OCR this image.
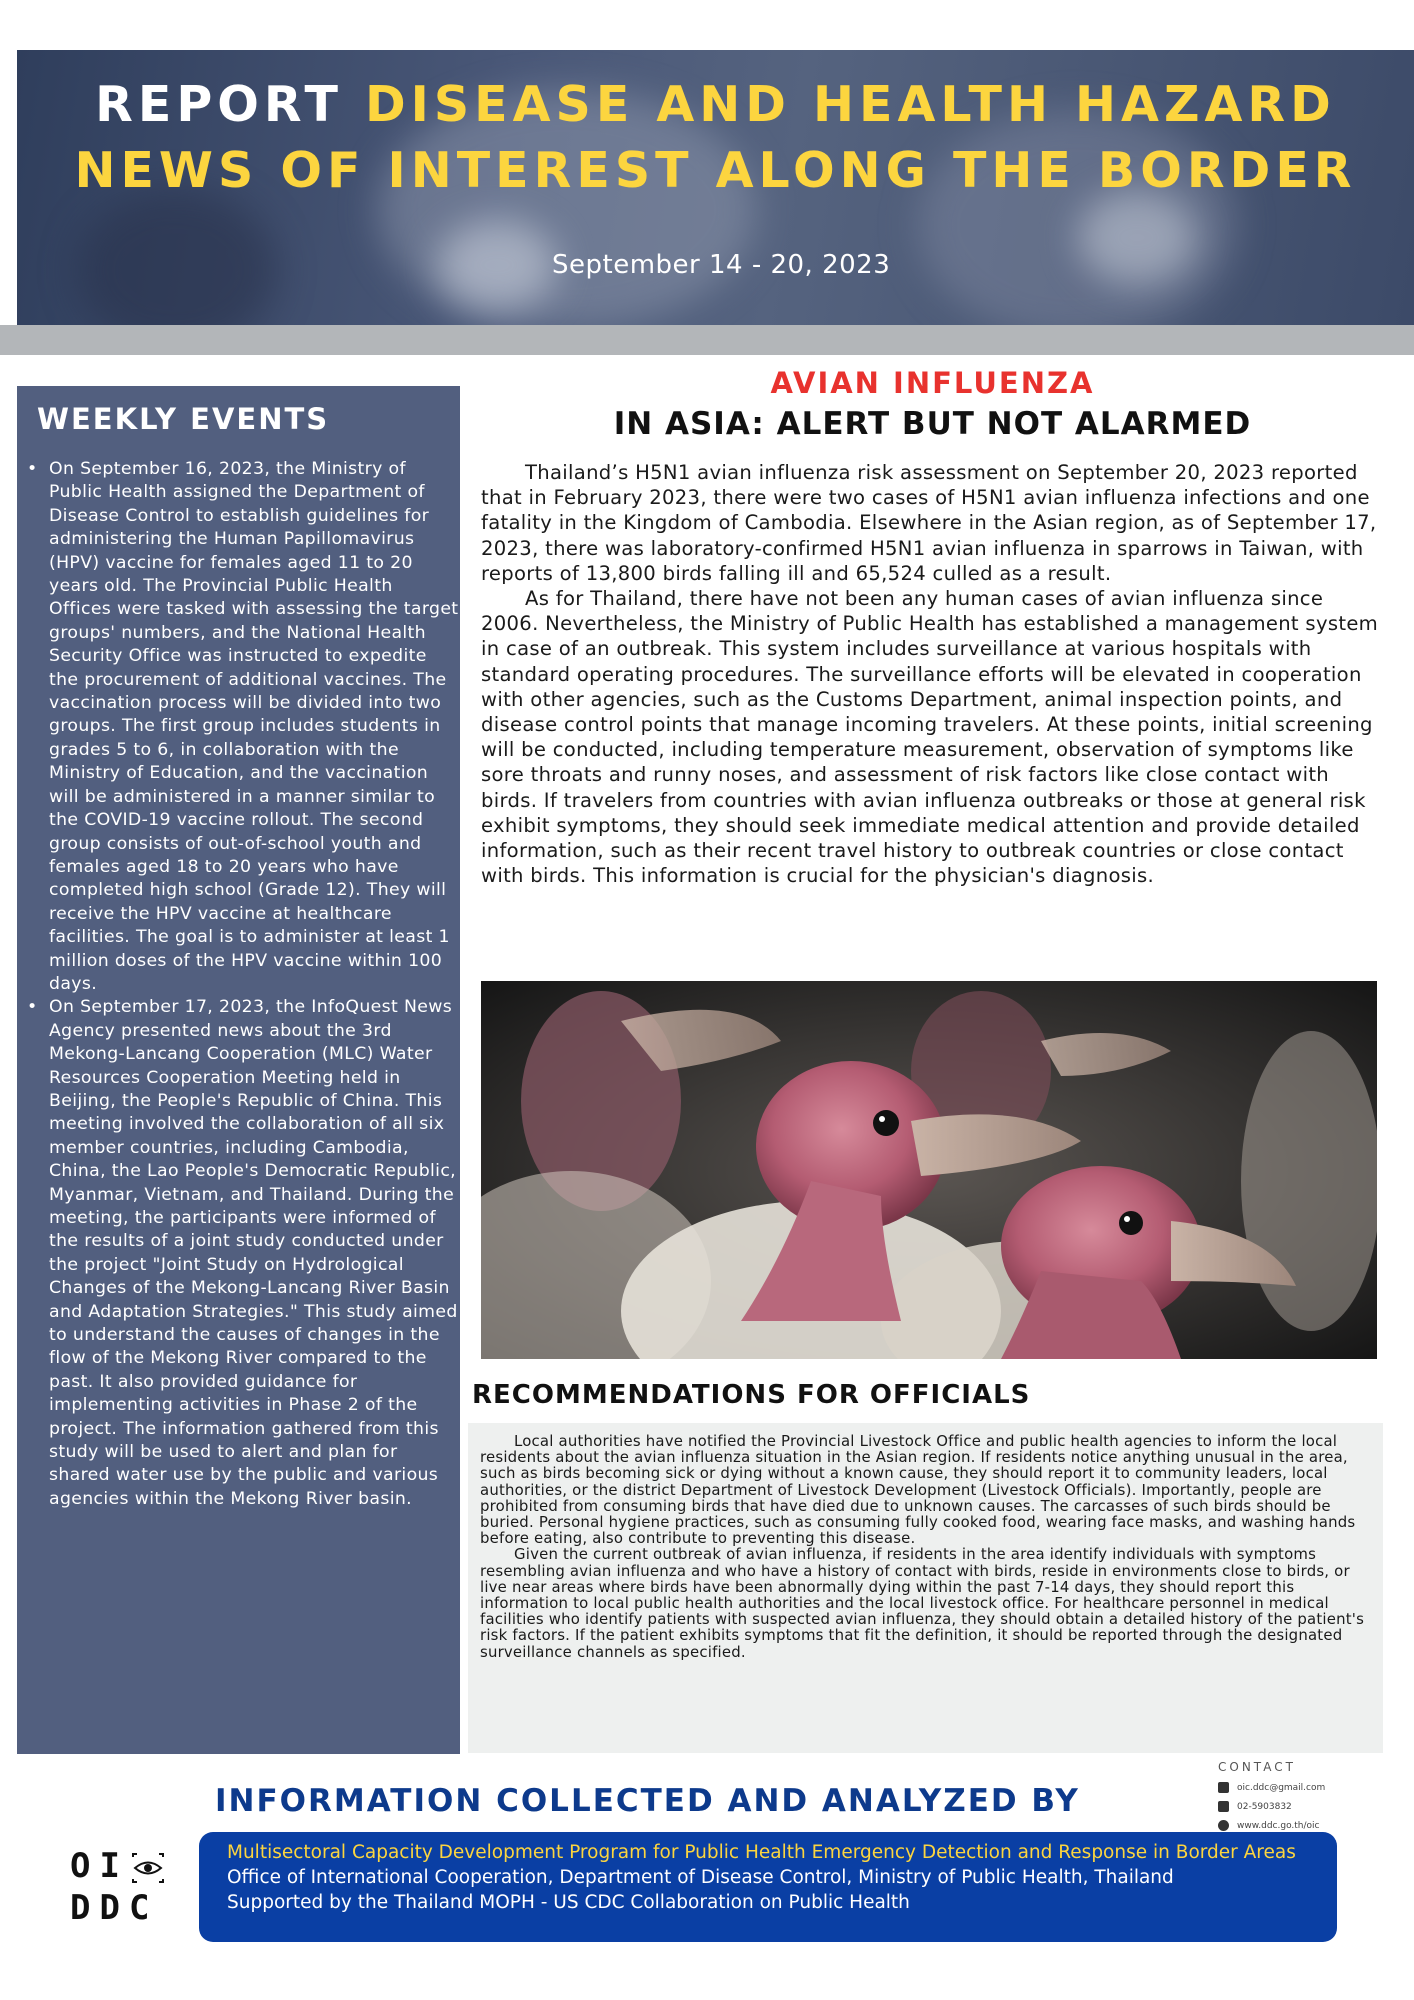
REPORT DISEASE AND HEALTH HAZARD
NEWS OF INTEREST ALONG THE BORDER
September 14 - 20, 2023
WEEKLY EVENTS
• On September 16, 2023, the Ministry of Public Health assigned the Department of Disease Control to establish guidelines for administering the Human Papillomavirus (HPV) vaccine for females aged 11 to 20 years old. The Provincial Public Health Offices were tasked with assessing the target groups' numbers, and the National Health Security Office was instructed to expedite the procurement of additional vaccines. The vaccination process will be divided into two groups. The first group includes students in grades 5 to 6, in collaboration with the Ministry of Education, and the vaccination will be administered in a manner similar to the COVID-19 vaccine rollout. The second group consists of out-of-school youth and females aged 18 to 20 years who have completed high school (Grade 12). They will receive the HPV vaccine at healthcare facilities. The goal is to administer at least 1 million doses of the HPV vaccine within 100 days.
• On September 17, 2023, the InfoQuest News Agency presented news about the 3rd Mekong-Lancang Cooperation (MLC) Water Resources Cooperation Meeting held in Beijing, the People's Republic of China. This meeting involved the collaboration of all six member countries, including Cambodia, China, the Lao People's Democratic Republic, Myanmar, Vietnam, and Thailand. During the meeting, the participants were informed of the results of a joint study conducted under the project "Joint Study on Hydrological Changes of the Mekong-Lancang River Basin and Adaptation Strategies." This study aimed to understand the causes of changes in the flow of the Mekong River compared to the past. It also provided guidance for implementing activities in Phase 2 of the project. The information gathered from this study will be used to alert and plan for shared water use by the public and various agencies within the Mekong River basin.
AVIAN INFLUENZA
IN ASIA: ALERT BUT NOT ALARMED

Thailand’s H5N1 avian influenza risk assessment on September 20, 2023 reported that in February 2023, there were two cases of H5N1 avian influenza infections and one fatality in the Kingdom of Cambodia. Elsewhere in the Asian region, as of September 17, 2023, there was laboratory-confirmed H5N1 avian influenza in sparrows in Taiwan, with reports of 13,800 birds falling ill and 65,524 culled as a result.

As for Thailand, there have not been any human cases of avian influenza since 2006. Nevertheless, the Ministry of Public Health has established a management system in case of an outbreak. This system includes surveillance at various hospitals with standard operating procedures. The surveillance efforts will be elevated in cooperation with other agencies, such as the Customs Department, animal inspection points, and disease control points that manage incoming travelers. At these points, initial screening will be conducted, including temperature measurement, observation of symptoms like sore throats and runny noses, and assessment of risk factors like close contact with birds. If travelers from countries with avian influenza outbreaks or those at general risk exhibit symptoms, they should seek immediate medical attention and provide detailed information, such as their recent travel history to outbreak countries or close contact with birds. This information is crucial for the physician's diagnosis.

RECOMMENDATIONS FOR OFFICIALS

Local authorities have notified the Provincial Livestock Office and public health agencies to inform the local residents about the avian influenza situation in the Asian region. If residents notice anything unusual in the area, such as birds becoming sick or dying without a known cause, they should report it to community leaders, local authorities, or the district Department of Livestock Development (Livestock Officials). Importantly, people are prohibited from consuming birds that have died due to unknown causes. The carcasses of such birds should be buried. Personal hygiene practices, such as consuming fully cooked food, wearing face masks, and washing hands before eating, also contribute to preventing this disease.

Given the current outbreak of avian influenza, if residents in the area identify individuals with symptoms resembling avian influenza and who have a history of contact with birds, reside in environments close to birds, or live near areas where birds have been abnormally dying within the past 7-14 days, they should report this information to local public health authorities and the local livestock office. For healthcare personnel in medical facilities who identify patients with suspected avian influenza, they should obtain a detailed history of the patient's risk factors. If the patient exhibits symptoms that fit the definition, it should be reported through the designated surveillance channels as specified.

CONTACT
oic.ddc@gmail.com
02-5903832
www.ddc.go.th/oic
INFORMATION COLLECTED AND ANALYZED BY
OI
DDC
Multisectoral Capacity Development Program for Public Health Emergency Detection and Response in Border Areas
Office of International Cooperation, Department of Disease Control, Ministry of Public Health, Thailand
Supported by the Thailand MOPH - US CDC Collaboration on Public Health
